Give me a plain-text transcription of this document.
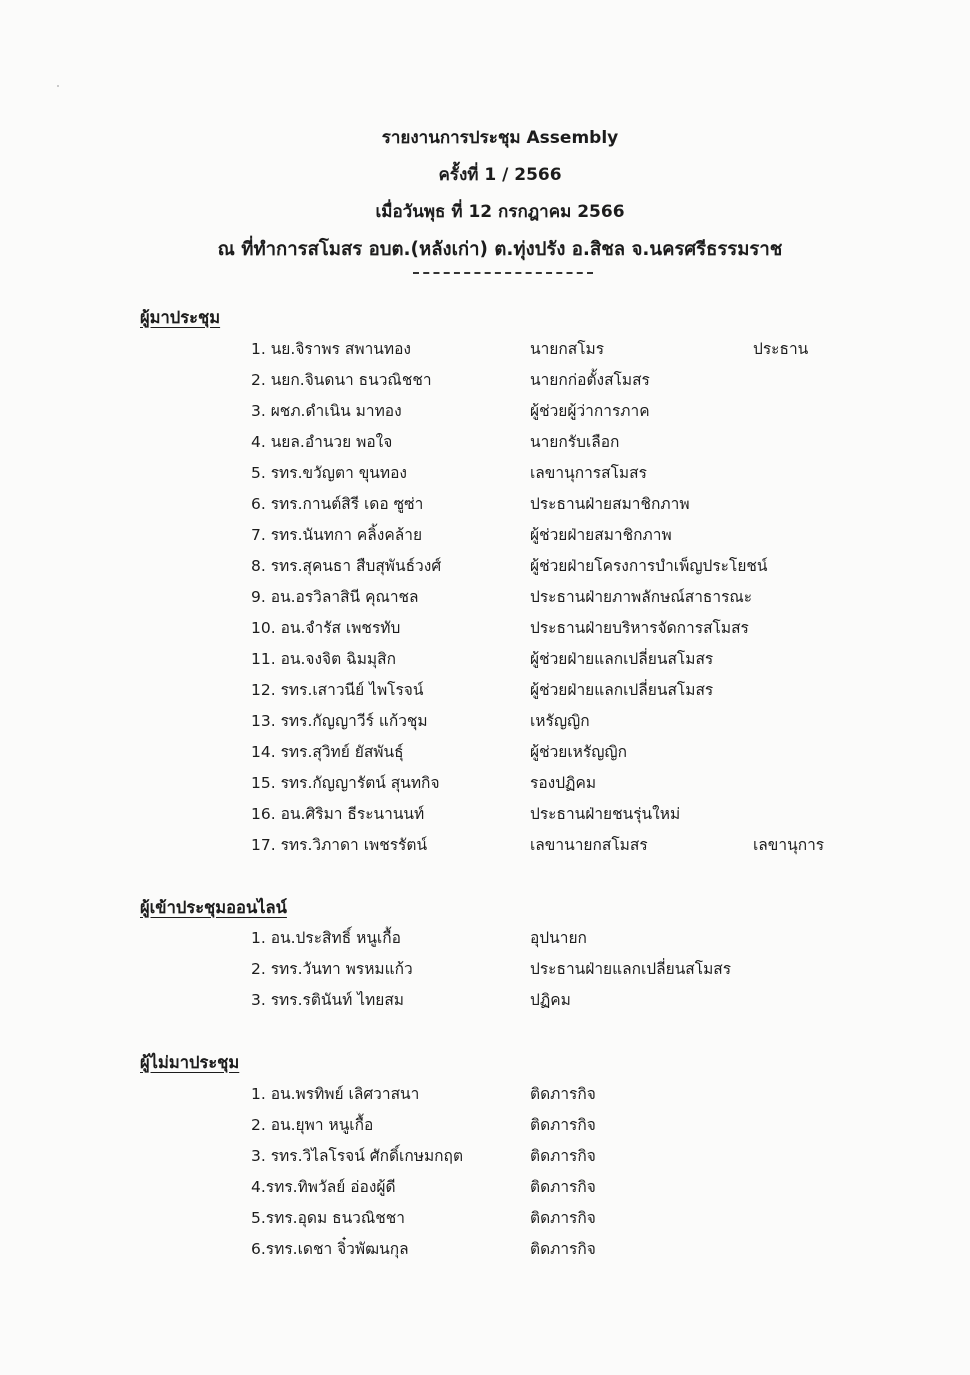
รายงานการประชุม Assembly
ครั้งที่ 1 / 2566
เมื่อวันพุธ ที่ 12 กรกฎาคม 2566
ณ ที่ทำการสโมสร อบต.(หลังเก่า) ต.ทุ่งปรัง อ.สิชล จ.นครศรีธรรมราช
ผู้มาประชุม
1. นย.จิราพร สพานทอง	นายกสโมร	ประธาน
2. นยก.จินดนา ธนวณิชชา	นายกก่อตั้งสโมสร
3. ผชภ.ดำเนิน มาทอง	ผู้ช่วยผู้ว่าการภาค
4. นยล.อำนวย พอใจ	นายกรับเลือก
5. รทร.ขวัญตา ขุนทอง	เลขานุการสโมสร
6. รทร.กานต์สิรี เดอ ซูซ่า	ประธานฝ่ายสมาชิกภาพ
7. รทร.นันทกา คลิ้งคล้าย	ผู้ช่วยฝ่ายสมาชิกภาพ
8. รทร.สุคนธา สืบสุพันธ์วงศ์	ผู้ช่วยฝ่ายโครงการบำเพ็ญประโยชน์
9. อน.อรวิลาสินี คุณาชล	ประธานฝ่ายภาพลักษณ์สาธารณะ
10. อน.จำรัส เพชรทับ	ประธานฝ่ายบริหารจัดการสโมสร
11. อน.จงจิต ฉิมมุสิก	ผู้ช่วยฝ่ายแลกเปลี่ยนสโมสร
12. รทร.เสาวนีย์ ไพโรจน์	ผู้ช่วยฝ่ายแลกเปลี่ยนสโมสร
13. รทร.กัญญาวีร์ แก้วชุม	เหรัญญิก
14. รทร.สุวิทย์ ยัสพันธุ์	ผู้ช่วยเหรัญญิก
15. รทร.กัญญารัตน์ สุนทกิจ	รองปฏิคม
16. อน.ศิริมา ธีระนานนท์	ประธานฝ่ายชนรุ่นใหม่
17. รทร.วิภาดา เพชรรัตน์	เลขานายกสโมสร	เลขานุการ
ผู้เข้าประชุมออนไลน์
1. อน.ประสิทธิ์ หนูเกื้อ	อุปนายก
2. รทร.วันทา พรหมแก้ว	ประธานฝ่ายแลกเปลี่ยนสโมสร
3. รทร.รตินันท์ ไทยสม	ปฏิคม
ผู้ไม่มาประชุม
1. อน.พรทิพย์ เลิศวาสนา	ติดภารกิจ
2. อน.ยุพา หนูเกื้อ	ติดภารกิจ
3. รทร.วิไลโรจน์ ศักดิ์เกษมกฤต	ติดภารกิจ
4.รทร.ทิพวัลย์ อ่องผู้ดี	ติดภารกิจ
5.รทร.อุดม ธนวณิชชา	ติดภารกิจ
6.รทร.เดชา จิ๋วพัฒนกุล	ติดภารกิจ
